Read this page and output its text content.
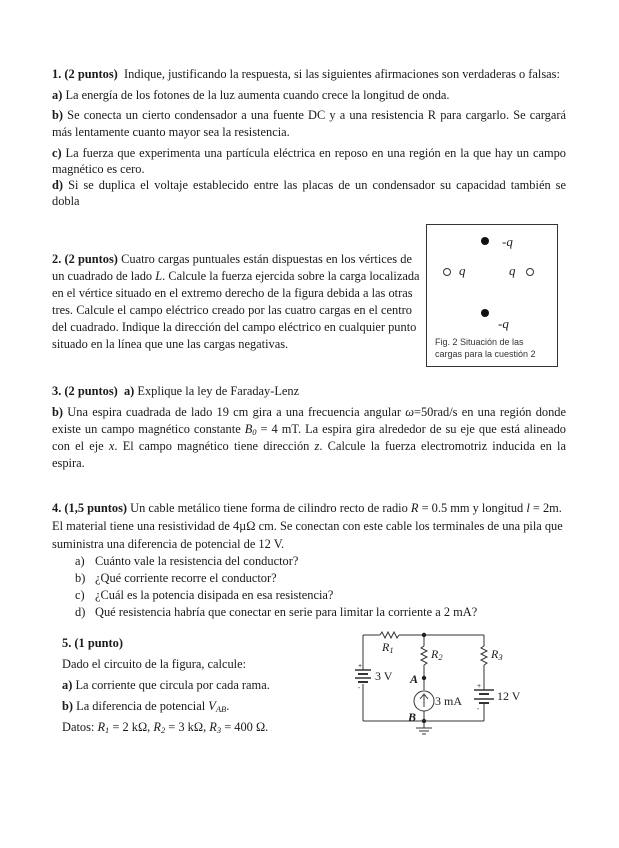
1. (2 puntos) Indique, justificando la respuesta, si las siguientes afirmaciones son verdaderas o falsas:
a) La energía de los fotones de la luz aumenta cuando crece la longitud de onda.
b) Se conecta un cierto condensador a una fuente DC y a una resistencia R para cargarlo. Se cargará
más lentamente cuanto mayor sea la resistencia.
c) La fuerza que experimenta una partícula eléctrica en reposo en una región en la que hay un campo
magnético es cero.
d) Si se duplica el voltaje establecido entre las placas de un condensador su capacidad también se
dobla
2. (2 puntos) Cuatro cargas puntuales están dispuestas en los vértices de
un cuadrado de lado L. Calcule la fuerza ejercida sobre la carga localizada
en el vértice situado en el extremo derecho de la figura debida a las otras
tres. Calcule el campo eléctrico creado por las cuatro cargas en el centro
del cuadrado. Indique la dirección del campo eléctrico en cualquier punto
situado en la línea que une las cargas negativas.
-q
q	q
-q
Fig. 2 Situación de las
cargas para la cuestión 2
3. (2 puntos) a) Explique la ley de Faraday-Lenz
b) Una espira cuadrada de lado 19 cm gira a una frecuencia angular ω=50rad/s en una región donde
existe un campo magnético constante $B_0 = 4$ mT. La espira gira alrededor de su eje que está alineado
con el eje x. El campo magnético tiene dirección z. Calcule la fuerza electromotriz inducida en la
espira.
4. (1,5 puntos) Un cable metálico tiene forma de cilindro recto de radio R = 0.5 mm y longitud l = 2m.
El material tiene una resistividad de 4µΩ cm. Se conectan con este cable los terminales de una pila que
suministra una diferencia de potencial de 12 V.
a) Cuánto vale la resistencia del conductor?
b) ¿Qué corriente recorre el conductor?
c) ¿Cuál es la potencia disipada en esa resistencia?
d) Qué resistencia habría que conectar en serie para limitar la corriente a 2 mA?
5. (1 punto)
Dado el circuito de la figura, calcule:
a) La corriente que circula por cada rama.
b) La diferencia de potencial $V_{AB}$.
Datos: $R_1 = 2$ kΩ, $R_2 = 3$ kΩ, $R_3 = 400$ Ω.
+
-	+
-
$R_1$	$R_2$	$R_3$
3 V
12 V
3 mA
A
B
